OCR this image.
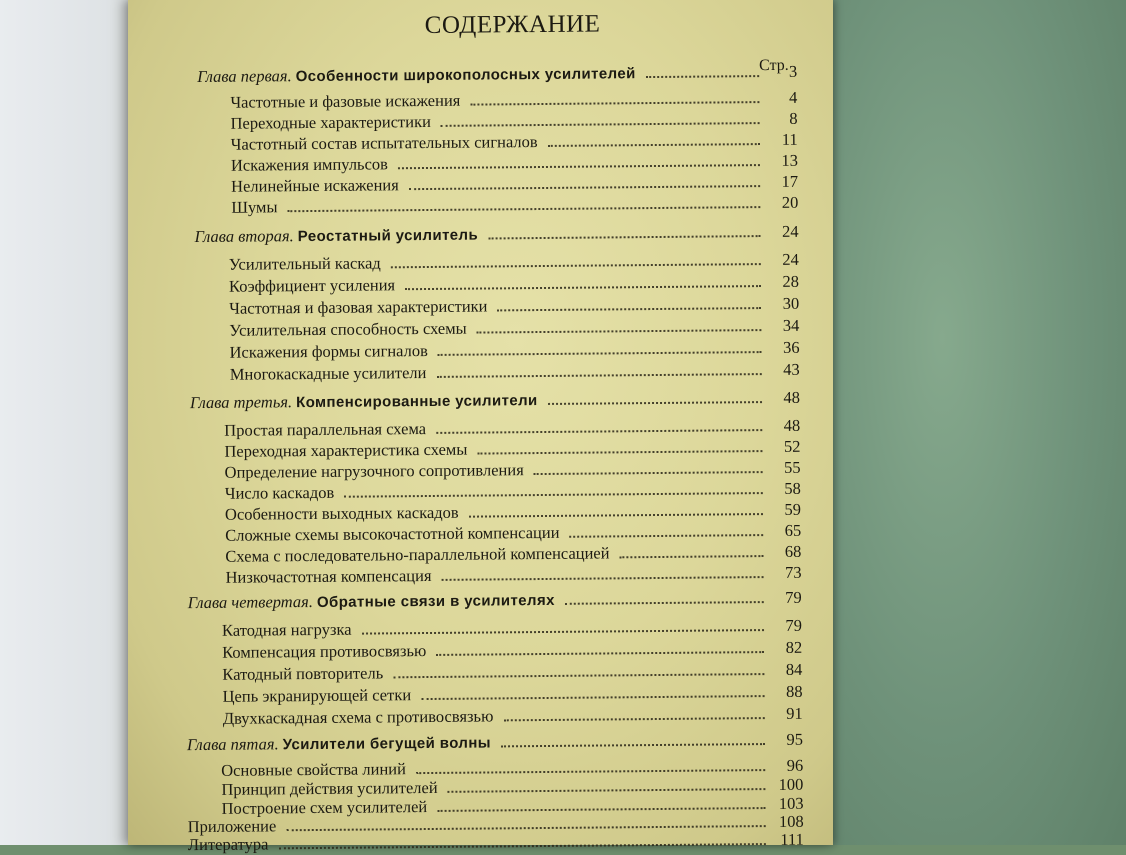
СОДЕРЖАНИЕ
Стр.
Глава первая. Особенности широкополосных усилителей	3
Частотные и фазовые искажения	4
Переходные характеристики	8
Частотный состав испытательных сигналов	11
Искажения импульсов	13
Нелинейные искажения	17
Шумы	20
Глава вторая. Реостатный усилитель	24
Усилительный каскад	24
Коэффициент усиления	28
Частотная и фазовая характеристики	30
Усилительная способность схемы	34
Искажения формы сигналов	36
Многокаскадные усилители	43
Глава третья. Компенсированные усилители	48
Простая параллельная схема	48
Переходная характеристика схемы	52
Определение нагрузочного сопротивления	55
Число каскадов	58
Особенности выходных каскадов	59
Сложные схемы высокочастотной компенсации	65
Схема с последовательно-параллельной компенсацией	68
Низкочастотная компенсация	73
Глава четвертая. Обратные связи в усилителях	79
Катодная нагрузка	79
Компенсация противосвязью	82
Катодный повторитель	84
Цепь экранирующей сетки	88
Двухкаскадная схема с противосвязью	91
Глава пятая. Усилители бегущей волны	95
Основные свойства линий	96
Принцип действия усилителей	100
Построение схем усилителей	103
Приложение	108
Литература	111
